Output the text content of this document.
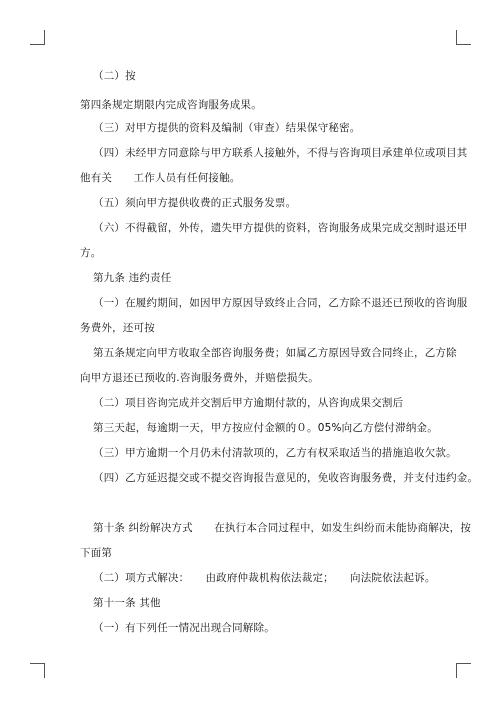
（二）按
第四条规定期限内完成咨询服务成果。
（三）对甲方提供的资料及编制（审查）结果保守秘密。
（四）未经甲方同意除与甲方联系人接触外，不得与咨询项目承建单位或项目其
他有关　　工作人员有任何接触。
（五）须向甲方提供收费的正式服务发票。
（六）不得截留，外传，遗失甲方提供的资料，咨询服务成果完成交割时退还甲
方。
第九条 违约责任
（一）在履约期间，如因甲方原因导致终止合同，乙方除不退还已预收的咨询服
务费外，还可按
第五条规定向甲方收取全部咨询服务费；如属乙方原因导致合同终止，乙方除
向甲方退还已预收的.咨询服务费外，并赔偿损失。
（二）项目咨询完成并交割后甲方逾期付款的，从咨询成果交割后
第三天起，每逾期一天，甲方按应付金额的０。05%向乙方偿付滞纳金。
（三）甲方逾期一个月仍未付清款项的，乙方有权采取适当的措施追收欠款。
（四）乙方延迟提交或不提交咨询报告意见的，免收咨询服务费，并支付违约金。
第十条 纠纷解决方式　　在执行本合同过程中，如发生纠纷而未能协商解决，按
下面第
（二）项方式解决：　　由政府仲裁机构依法裁定；　　向法院依法起诉。
第十一条 其他
（一）有下列任一情况出现合同解除。
